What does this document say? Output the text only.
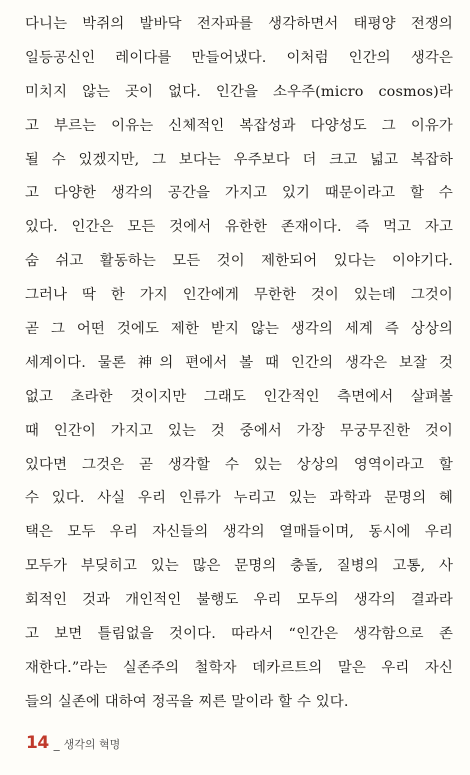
다니는 박쥐의 발바닥 전자파를 생각하면서 태평양 전쟁의
일등공신인 레이다를 만들어냈다. 이처럼 인간의 생각은
미치지 않는 곳이 없다. 인간을 소우주(micro cosmos)라
고 부르는 이유는 신체적인 복잡성과 다양성도 그 이유가
될 수 있겠지만, 그 보다는 우주보다 더 크고 넓고 복잡하
고 다양한 생각의 공간을 가지고 있기 때문이라고 할 수
있다. 인간은 모든 것에서 유한한 존재이다. 즉 먹고 자고
숨 쉬고 활동하는 모든 것이 제한되어 있다는 이야기다.
그러나 딱 한 가지 인간에게 무한한 것이 있는데 그것이
곧 그 어떤 것에도 제한 받지 않는 생각의 세계 즉 상상의
세계이다. 물론 神의 편에서 볼 때 인간의 생각은 보잘 것
없고 초라한 것이지만 그래도 인간적인 측면에서 살펴볼
때 인간이 가지고 있는 것 중에서 가장 무궁무진한 것이
있다면 그것은 곧 생각할 수 있는 상상의 영역이라고 할
수 있다. 사실 우리 인류가 누리고 있는 과학과 문명의 혜
택은 모두 우리 자신들의 생각의 열매들이며, 동시에 우리
모두가 부딪히고 있는 많은 문명의 충돌, 질병의 고통, 사
회적인 것과 개인적인 불행도 우리 모두의 생각의 결과라
고 보면 틀림없을 것이다. 따라서 “인간은 생각함으로 존
재한다.”라는 실존주의 철학자 데카르트의 말은 우리 자신
들의 실존에 대하여 정곡을 찌른 말이라 할 수 있다.
14 _ 생각의 혁명
